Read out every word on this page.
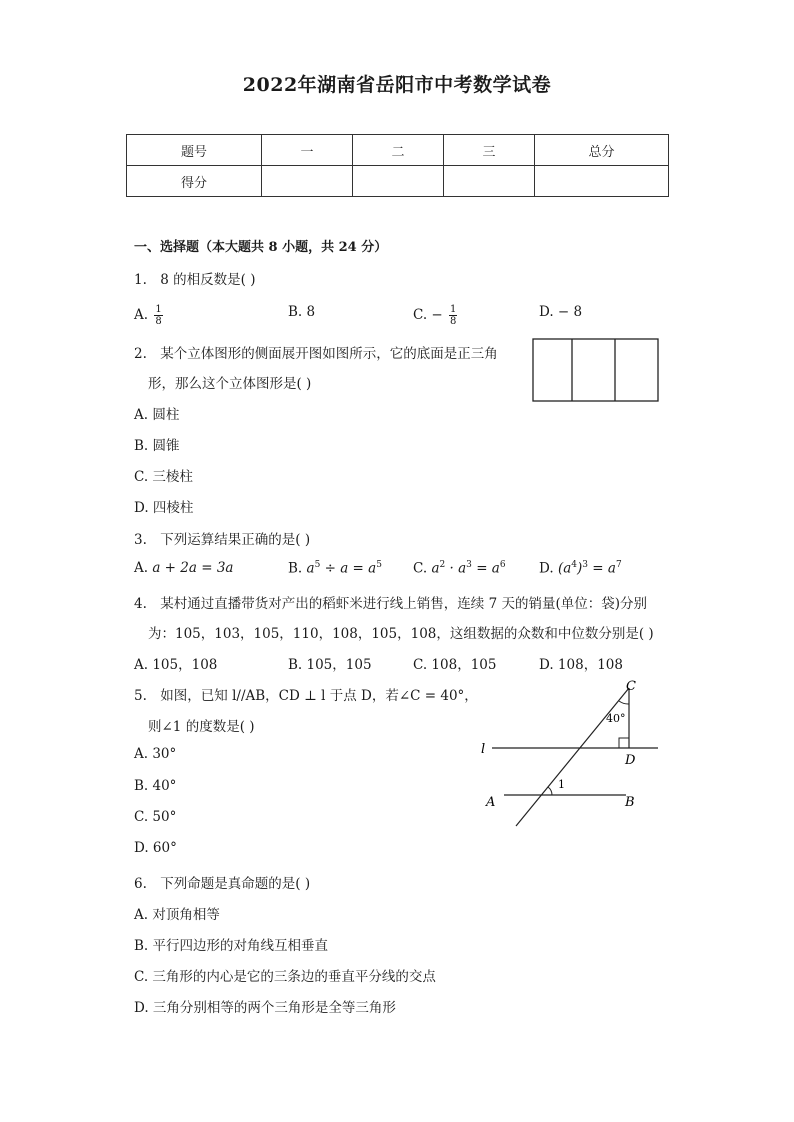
2022年湖南省岳阳市中考数学试卷
题号	一	二	三	总分
得分				
一、选择题（本大题共 8 小题，共 24 分）
1. 8 的相反数是( )
A. $\frac{1}{8}$	B. 8	C. − $\frac{1}{8}$	D. − 8
2. 某个立体图形的侧面展开图如图所示，它的底面是正三角
形，那么这个立体图形是( )
A. 圆柱
B. 圆锥
C. 三棱柱
D. 四棱柱
3. 下列运算结果正确的是( )
A. a + 2a = 3a	B. $a^5 \div a = a^5$ C. $a^2 \cdot a^3 = a^6$ D. $(a^4)^3 = a^7$
4. 某村通过直播带货对产出的稻虾米进行线上销售，连续 7 天的销量(单位：袋)分别
为：105，103，105，110，108，105，108，这组数据的众数和中位数分别是( )
A. 105，108	B. 105，105	C. 108，105	D. 108，108
5. 如图，已知 l//AB，CD ⊥ l 于点 D，若∠C = 40°，
则∠1 的度数是( )
A. 30°
B. 40°
C. 50°
D. 60°
C
40°
l
D
1
A	B
6. 下列命题是真命题的是( )
A. 对顶角相等
B. 平行四边形的对角线互相垂直
C. 三角形的内心是它的三条边的垂直平分线的交点
D. 三角分别相等的两个三角形是全等三角形
